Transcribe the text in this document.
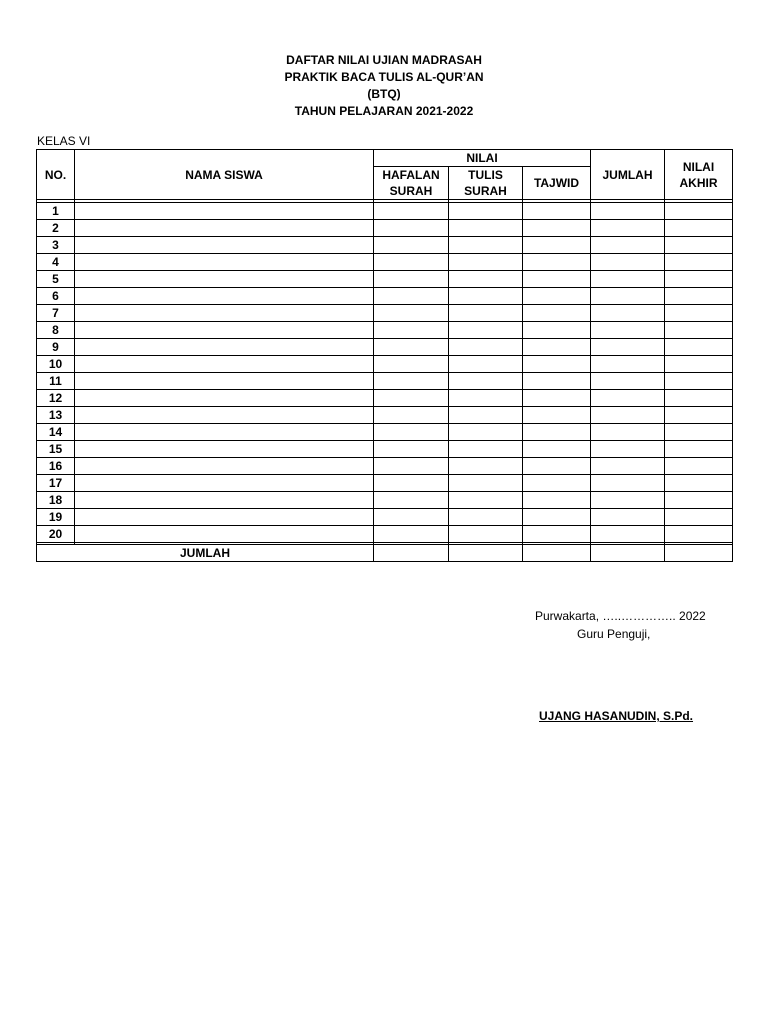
DAFTAR NILAI UJIAN MADRASAH
PRAKTIK BACA TULIS AL-QUR’AN
(BTQ)
TAHUN PELAJARAN 2021-2022
KELAS VI
NO.	NAMA SISWA	NILAI			JUMLAH	NILAI AKHIR
		HAFALAN SURAH	TULIS SURAH	TAJWID		

1						
2						
3						
4						
5						
6						
7						
8						
9						
10						
11						
12						
13						
14						
15						
16						
17						
18						
19						
20						

JUMLAH						
Purwakarta, …..………….. 2022
Guru Penguji,
UJANG HASANUDIN, S.Pd.
